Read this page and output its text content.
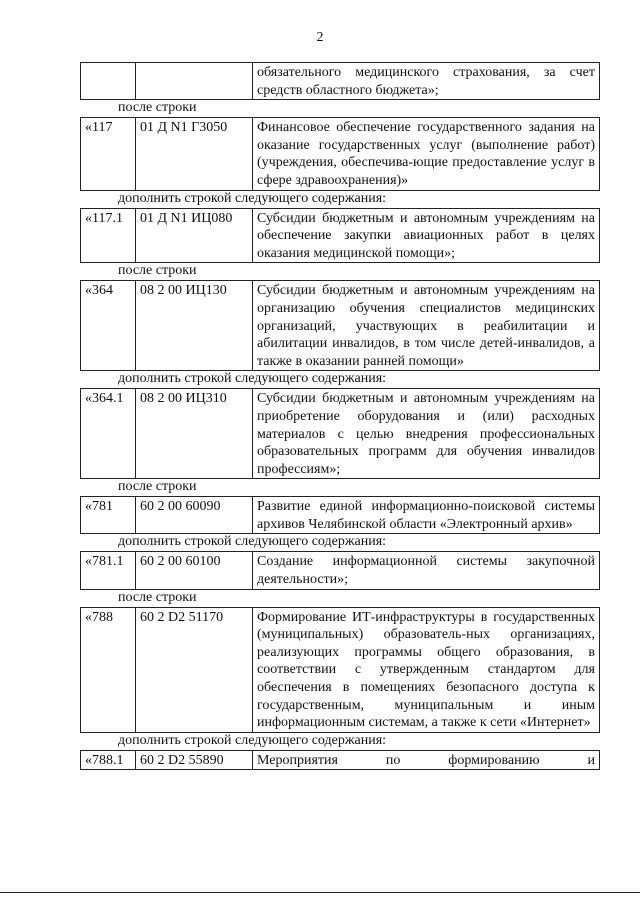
2
		обязательного медицинского страхования, за счет средств областного бюджета»;
после строки
«117	01 Д N1 Г3050	Финансовое обеспечение государственного задания на оказание государственных услуг (выполнение работ) (учреждения, обеспечива-ющие предоставление услуг в сфере здравоохранения)»
дополнить строкой следующего содержания:
«117.1	01 Д N1 ИЦ080	Субсидии бюджетным и автономным учреждениям на обеспечение закупки авиационных работ в целях оказания медицинской помощи»;
после строки
«364	08 2 00 ИЦ130	Субсидии бюджетным и автономным учреждениям на организацию обучения специалистов медицинских организаций, участвующих в реабилитации и абилитации инвалидов, в том числе детей-инвалидов, а также в оказании ранней помощи»
дополнить строкой следующего содержания:
«364.1	08 2 00 ИЦ310	Субсидии бюджетным и автономным учреждениям на приобретение оборудования и (или) расходных материалов с целью внедрения профессиональных образовательных программ для обучения инвалидов профессиям»;
после строки
«781	60 2 00 60090	Развитие единой информационно-поисковой системы архивов Челябинской области «Электронный архив»
дополнить строкой следующего содержания:
«781.1	60 2 00 60100	Создание информационной системы закупочной деятельности»;
после строки
«788	60 2 D2 51170	Формирование ИТ-инфраструктуры в государственных (муниципальных) образователь-ных организациях, реализующих программы общего образования, в соответствии с утвержденным стандартом для обеспечения в помещениях безопасного доступа к государственным, муниципальным и иным информационным системам, а также к сети «Интернет»
дополнить строкой следующего содержания:
«788.1	60 2 D2 55890	Мероприятия по формированию и
